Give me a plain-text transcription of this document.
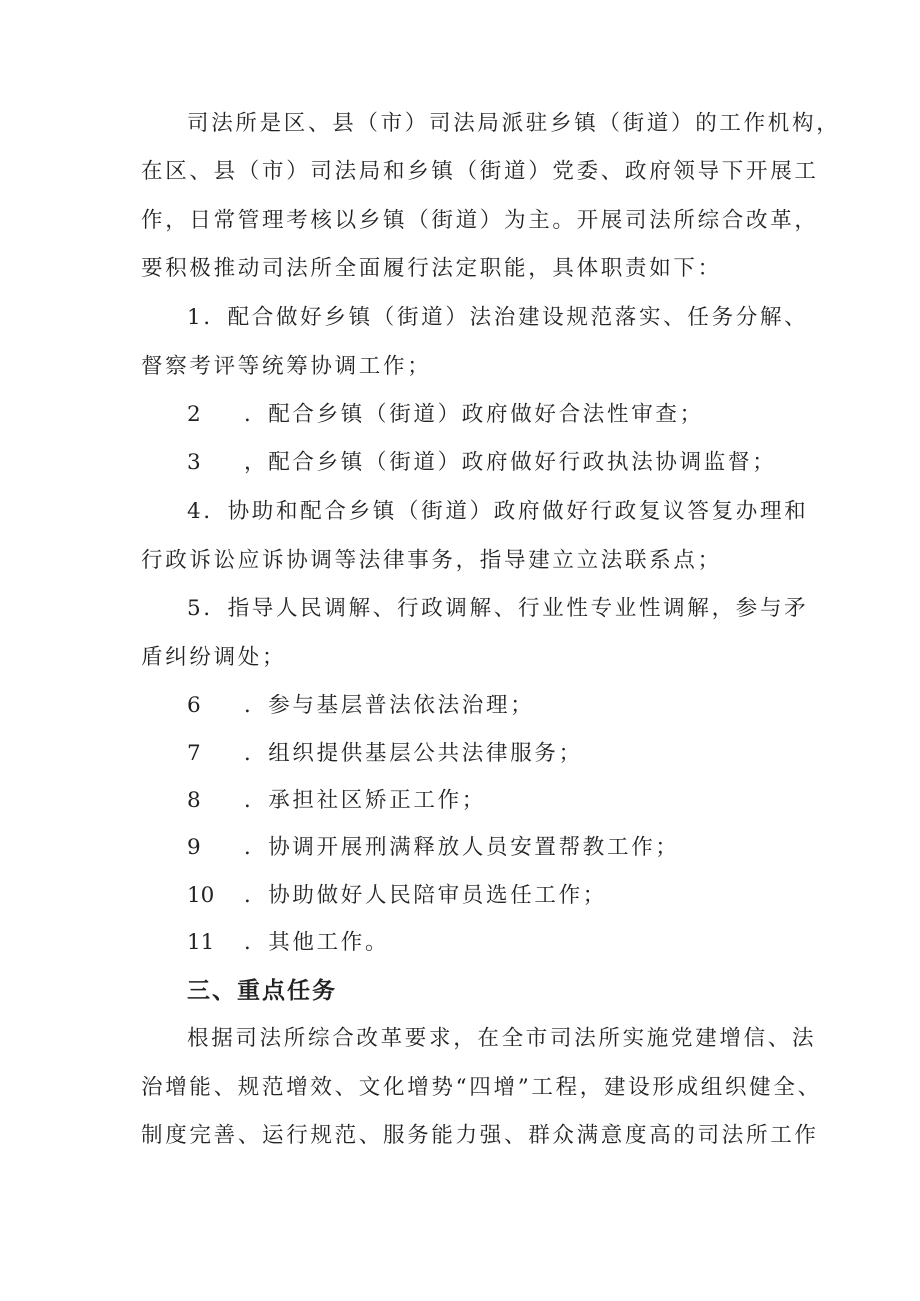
司法所是区、县（市）司法局派驻乡镇（街道）的工作机构，
在区、县（市）司法局和乡镇（街道）党委、政府领导下开展工
作，日常管理考核以乡镇（街道）为主。开展司法所综合改革，
要积极推动司法所全面履行法定职能，具体职责如下：
1．配合做好乡镇（街道）法治建设规范落实、任务分解、
督察考评等统筹协调工作；
2 ．配合乡镇（街道）政府做好合法性审查；
3 ，配合乡镇（街道）政府做好行政执法协调监督；
4．协助和配合乡镇（街道）政府做好行政复议答复办理和
行政诉讼应诉协调等法律事务，指导建立立法联系点；
5．指导人民调解、行政调解、行业性专业性调解，参与矛
盾纠纷调处；
6 ．参与基层普法依法治理；
7 ．组织提供基层公共法律服务；
8 ．承担社区矫正工作；
9 ．协调开展刑满释放人员安置帮教工作；
10 ．协助做好人民陪审员选任工作；
11 ．其他工作。
三、重点任务
根据司法所综合改革要求，在全市司法所实施党建增信、法
治增能、规范增效、文化增势“四增”工程，建设形成组织健全、
制度完善、运行规范、服务能力强、群众满意度高的司法所工作
